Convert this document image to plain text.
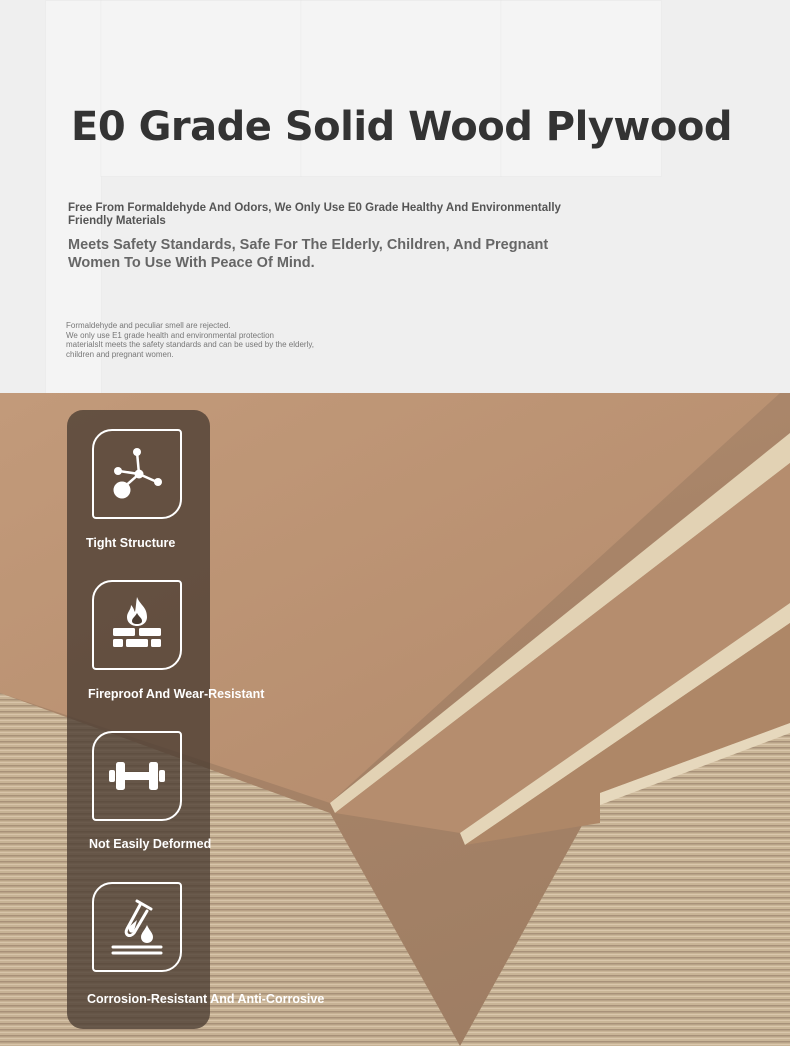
E0 Grade Solid Wood Plywood
Free From Formaldehyde And Odors, We Only Use E0 Grade Healthy And Environmentally Friendly Materials
Meets Safety Standards, Safe For The Elderly, Children, And Pregnant Women To Use With Peace Of Mind.
Formaldehyde and peculiar smell are rejected.
We only use E1 grade health and environmental protection
materialsIt meets the safety standards and can be used by the elderly,
children and pregnant women.
Tight Structure
Fireproof And Wear-Resistant
Not Easily Deformed
Corrosion-Resistant And Anti-Corrosive
